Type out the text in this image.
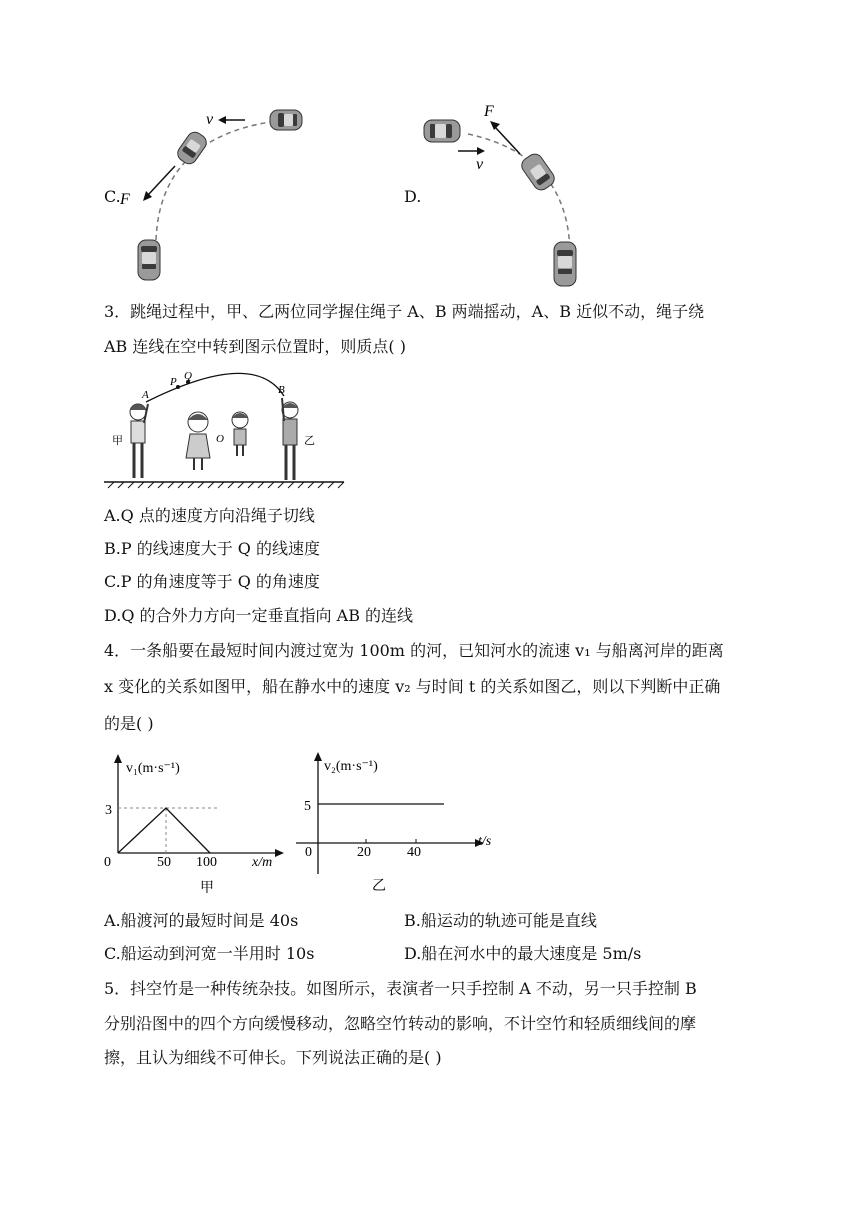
C.
v
F	D.
F
v
3．跳绳过程中，甲、乙两位同学握住绳子 A、B 两端摇动，A、B 近似不动，绳子绕
AB 连线在空中转到图示位置时，则质点( )
A
P Q
B
O
甲	乙
A.Q 点的速度方向沿绳子切线
B.P 的线速度大于 Q 的线速度
C.P 的角速度等于 Q 的角速度
D.Q 的合外力方向一定垂直指向 AB 的连线
4．一条船要在最短时间内渡过宽为 100m 的河，已知河水的流速 v₁ 与船离河岸的距离
x 变化的关系如图甲，船在静水中的速度 v₂ 与时间 t 的关系如图乙，则以下判断中正确
的是( )
v₁(m·s⁻¹)
3
0	50 100	x/m
甲
v₂(m·s⁻¹)
5
0	20	40
t/s
乙
A.船渡河的最短时间是 40s	B.船运动的轨迹可能是直线
C.船运动到河宽一半用时 10s	D.船在河水中的最大速度是 5m/s
5．抖空竹是一种传统杂技。如图所示，表演者一只手控制 A 不动，另一只手控制 B
分别沿图中的四个方向缓慢移动，忽略空竹转动的影响，不计空竹和轻质细线间的摩
擦，且认为细线不可伸长。下列说法正确的是( )
